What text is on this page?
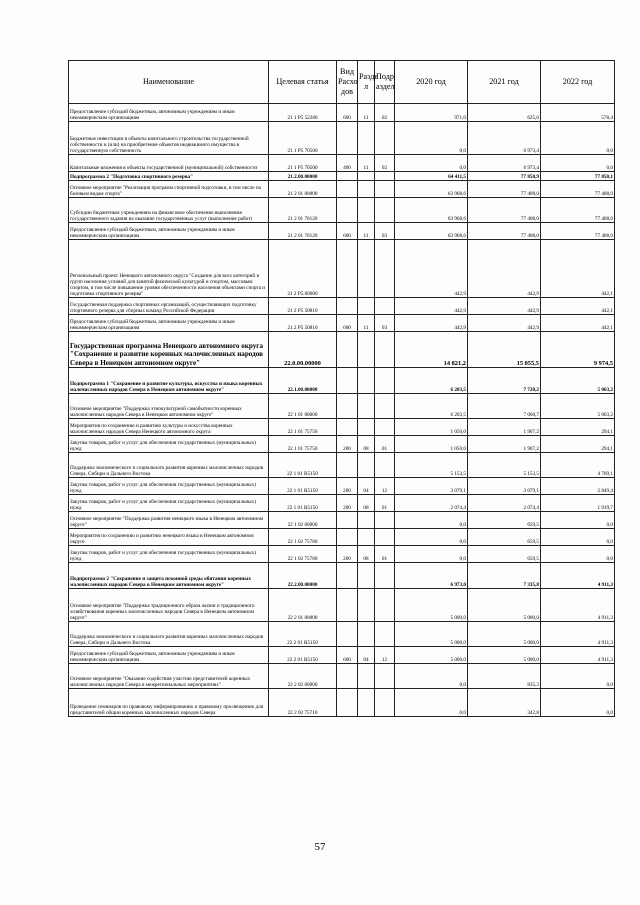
Наименование	Целевая статья	Вид Расхо дов	Разде л	Подр аздел	2020 год	2021 год	2022 год
Предоставление субсидий бюджетным, автономным учреждениям и иным некоммерческим организациям	21 1 P5 52280	600	11	02	971,0	625,0	578,4
Бюджетные инвестиции в объекты капитального строительства государственной собственности и (или) на приобретение объектов недвижимого имущества в государственную собственность	21 1 P5 70500				0,0	6 973,4	0,0
Капитальные вложения в объекты государственной (муниципальной) собственности	21 1 P5 70500	400	11	02	0,0	6 973,4	0,0
Подпрограмма 2 "Подготовка спортивного резерва"	21.2.00.00000				64 411,5	77 850,9	77 850,1
Основное мероприятие "Реализация программ спортивной подготовки, в том числе по базовым видам спорта"	21 2 01 00000				63 968,6	77 408,0	77 408,0
Субсидии бюджетным учреждениям на финансовое обеспечение выполнения государственного задания на оказание государственных услуг (выполнение работ)	21 2 01 70120				63 968,6	77 408,0	77 408,0
Предоставление субсидий бюджетным, автономным учреждениям и иным некоммерческим организациям	21 2 01 70120	600	11	03	63 968,6	77 408,0	77 408,0
Региональный проект Ненецкого автономного округа "Создание для всех категорий и групп населения условий для занятий физической культурой и спортом, массовым спортом, в том числе повышение уровня обеспеченности населения объектами спорта и подготовка спортивного резерва"	21 2 P5.00000				442,9	442,9	442,1
Государственная поддержка спортивных организаций, осуществляющих подготовку спортивного резерва для сборных команд Российской Федерации	21 2 P5 50810				442,9	442,9	442,1
Предоставление субсидий бюджетным, автономным учреждениям и иным некоммерческим организациям	21 2 P5 50810	600	11	03	442,9	442,9	442,1
Государственная программа Ненецкого автономного округа "Сохранение и развитие коренных малочисленных народов Севера в Ненецком автономном округе"	22.0.00.00000				14 821,2	15 055,5	9 974,5
Подпрограмма 1 "Сохранение и развитие культуры, искусства и языка коренных малочисленных народов Севера в Ненецком автономном округе"	22.1.00.00000				6 203,5	7 720,2	5 063,2
Основное мероприятие "Поддержка этнокультурной самобытности коренных малочисленных народов Севера в Ненецком автономном округе"	22 1 01 00000				6 203,5	7 060,7	5 063,2
Мероприятия по сохранению и развитию культуры и искусства коренных малочисленных народов Севера Ненецкого автономного округа	22 1 01 75750				1 050,0	1 907,2	294,1
Закупка товаров, работ и услуг для обеспечения государственных (муниципальных) нужд	22 1 01 75750	200	08	01	1 050,0	1 907,2	294,1
Поддержка экономического и социального развития коренных малочисленных народов Севера, Сибири и Дальнего Востока	22 1 01 R5150				5 153,5	5 153,5	4 769,1
Закупка товаров, работ и услуг для обеспечения государственных (муниципальных) нужд	22 1 01 R5150	200	04	12	3 079,1	3 079,1	2 849,4
Закупка товаров, работ и услуг для обеспечения государственных (муниципальных) нужд	22 1 01 R5150	200	08	01	2 074,4	2 074,4	1 919,7
Основное мероприятие "Поддержка развития ненецкого языка в Ненецком автономном округе"	22 1 02 00000				0,0	659,5	0,0
Мероприятия по сохранению и развитию ненецкого языка в Ненецком автономном округе	22 1 02 75780				0,0	659,5	0,0
Закупка товаров, работ и услуг для обеспечения государственных (муниципальных) нужд	22 1 02 75780	200	08	01	0,0	659,5	0,0
Подпрограмма 2 "Сохранение и защита исконной среды обитания коренных малочисленных народов Севера в Ненецком автономном округе"	22.2.00.00000				6 973,0	7 335,8	4 911,3
Основное мероприятие "Поддержка традиционного образа жизни и традиционного хозяйствования коренных малочисленных народов Севера в Ненецком автономном округе"	22 2 01 00000				5 000,0	5 000,0	4 911,3
Поддержка экономического и социального развития коренных малочисленных народов Севера, Сибири и Дальнего Востока	22 2 01 R5150				5 000,0	5 000,0	4 911,3
Предоставление субсидий бюджетным, автономным учреждениям и иным некоммерческим организациям	22 2 01 R5150	600	04	12	5 000,0	5 000,0	4 911,3
Основное мероприятие "Оказание содействия участию представителей коренных малочисленных народов Севера в межрегиональных мероприятиях"	22 2 02 00000				0,0	835,3	0,0
Проведение семинаров по правовому информированию и правовому просвещению для представителей общин коренных малочисленных народов Севера	22 2 02 75710				0,0	342,8	0,0
57
